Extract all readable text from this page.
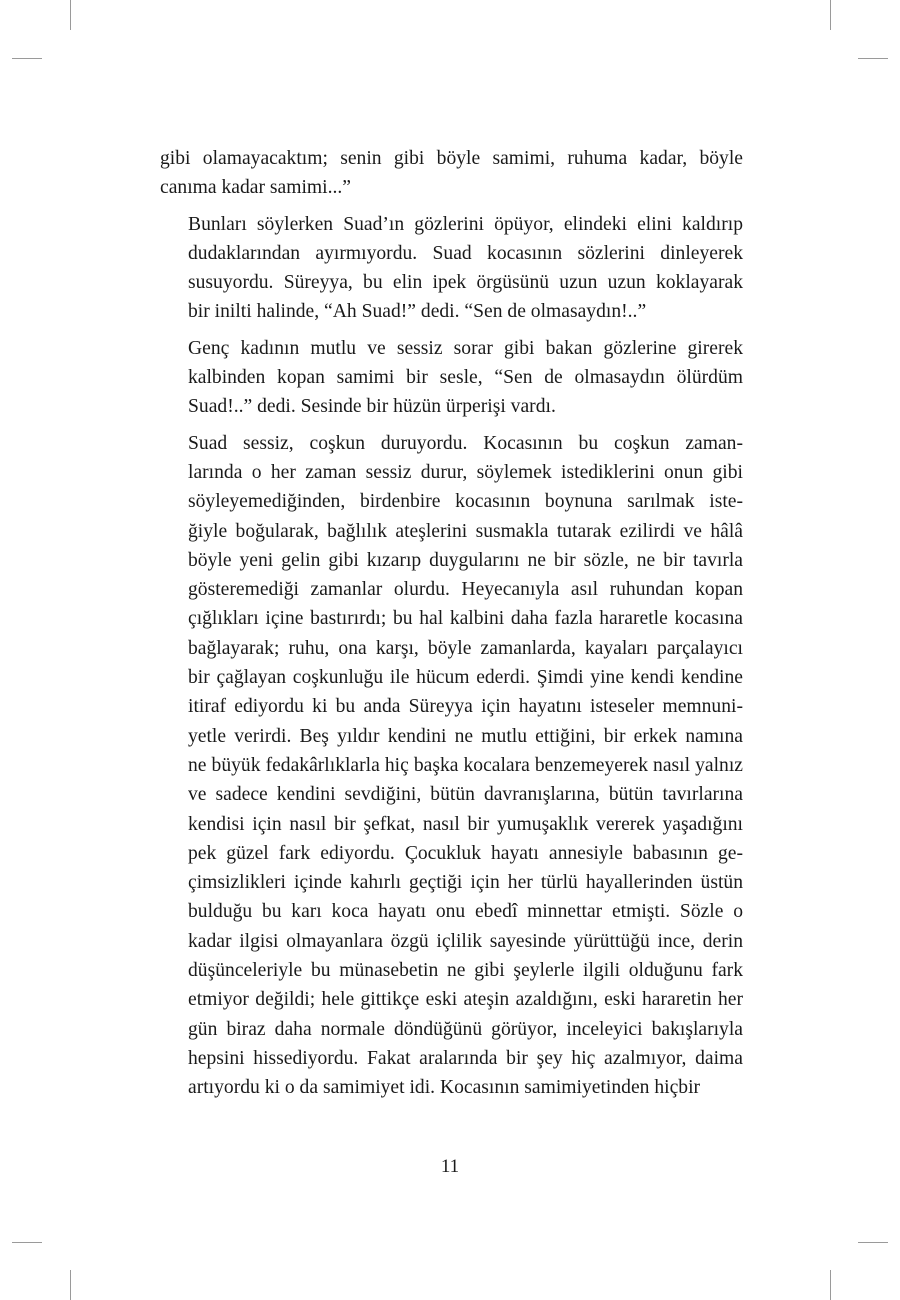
gibi olamayacaktım; senin gibi böyle samimi, ruhuma kadar, böyle
canıma kadar samimi...”

Bunları söylerken Suad’ın gözlerini öpüyor, elindeki elini kaldırıp
dudaklarından ayırmıyordu. Suad kocasının sözlerini dinleyerek
susuyordu. Süreyya, bu elin ipek örgüsünü uzun uzun koklayarak
bir inilti halinde, “Ah Suad!” dedi. “Sen de olmasaydın!..”

Genç kadının mutlu ve sessiz sorar gibi bakan gözlerine girerek
kalbinden kopan samimi bir sesle, “Sen de olmasaydın ölürdüm
Suad!..” dedi. Sesinde bir hüzün ürperişi vardı.

Suad sessiz, coşkun duruyordu. Kocasının bu coşkun zaman-
larında o her zaman sessiz durur, söylemek istediklerini onun gibi
söyleyemediğinden, birdenbire kocasının boynuna sarılmak iste-
ğiyle boğularak, bağlılık ateşlerini susmakla tutarak ezilirdi ve hâlâ
böyle yeni gelin gibi kızarıp duygularını ne bir sözle, ne bir tavırla
gösteremediği zamanlar olurdu. Heyecanıyla asıl ruhundan kopan
çığlıkları içine bastırırdı; bu hal kalbini daha fazla hararetle kocasına
bağlayarak; ruhu, ona karşı, böyle zamanlarda, kayaları parçalayıcı
bir çağlayan coşkunluğu ile hücum ederdi. Şimdi yine kendi kendine
itiraf ediyordu ki bu anda Süreyya için hayatını isteseler memnuni-
yetle verirdi. Beş yıldır kendini ne mutlu ettiğini, bir erkek namına
ne büyük fedakârlıklarla hiç başka kocalara benzemeyerek nasıl yalnız
ve sadece kendini sevdiğini, bütün davranışlarına, bütün tavırlarına
kendisi için nasıl bir şefkat, nasıl bir yumuşaklık vererek yaşadığını
pek güzel fark ediyordu. Çocukluk hayatı annesiyle babasının ge-
çimsizlikleri içinde kahırlı geçtiği için her türlü hayallerinden üstün
bulduğu bu karı koca hayatı onu ebedî minnettar etmişti. Sözle o
kadar ilgisi olmayanlara özgü içlilik sayesinde yürüttüğü ince, derin
düşünceleriyle bu münasebetin ne gibi şeylerle ilgili olduğunu fark
etmiyor değildi; hele gittikçe eski ateşin azaldığını, eski hararetin her
gün biraz daha normale döndüğünü görüyor, inceleyici bakışlarıyla
hepsini hissediyordu. Fakat aralarında bir şey hiç azalmıyor, daima
artıyordu ki o da samimiyet idi. Kocasının samimiyetinden hiçbir

11
